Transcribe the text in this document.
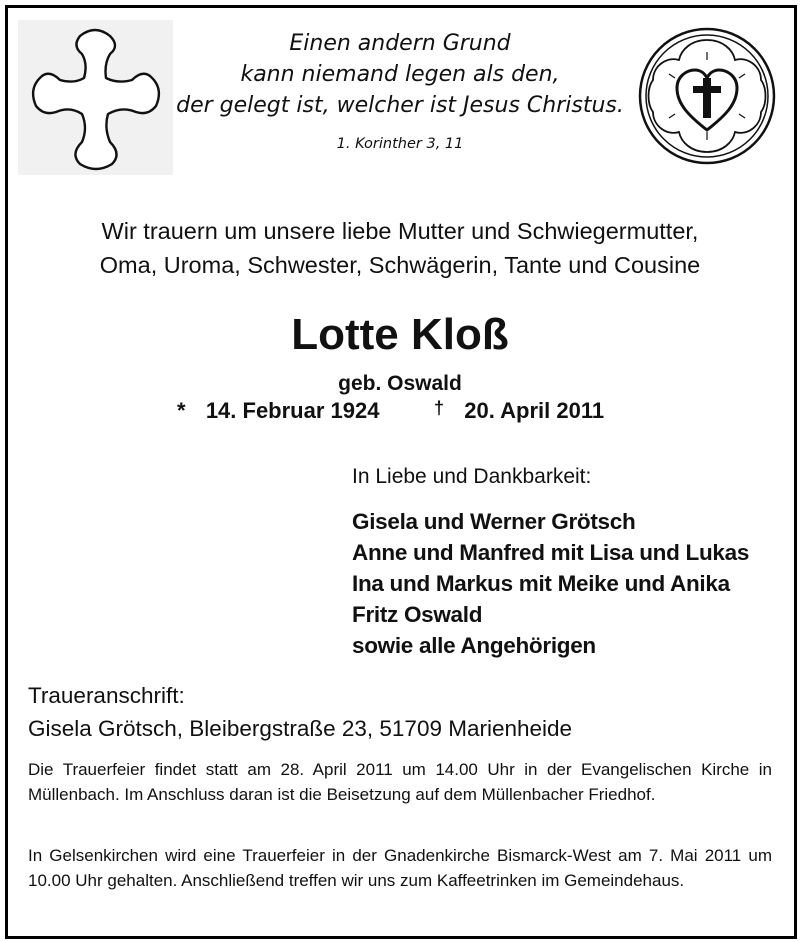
Einen andern Grund
kann niemand legen als den,
der gelegt ist, welcher ist Jesus Christus.
1. Korinther 3, 11
Wir trauern um unsere liebe Mutter und Schwiegermutter,
Oma, Uroma, Schwester, Schwägerin, Tante und Cousine
Lotte Kloß
geb. Oswald
* 14. Februar 1924	† 20. April 2011
In Liebe und Dankbarkeit:
Gisela und Werner Grötsch
Anne und Manfred mit Lisa und Lukas
Ina und Markus mit Meike und Anika
Fritz Oswald
sowie alle Angehörigen
Traueranschrift:
Gisela Grötsch, Bleibergstraße 23, 51709 Marienheide
Die Trauerfeier findet statt am 28. April 2011 um 14.00 Uhr in der Evangelischen Kirche in Müllenbach. Im Anschluss daran ist die Beisetzung auf dem Müllenbacher Friedhof.
In Gelsenkirchen wird eine Trauerfeier in der Gnadenkirche Bismarck-West am 7. Mai 2011 um 10.00 Uhr gehalten. Anschließend treffen wir uns zum Kaffeetrinken im Gemeindehaus.
